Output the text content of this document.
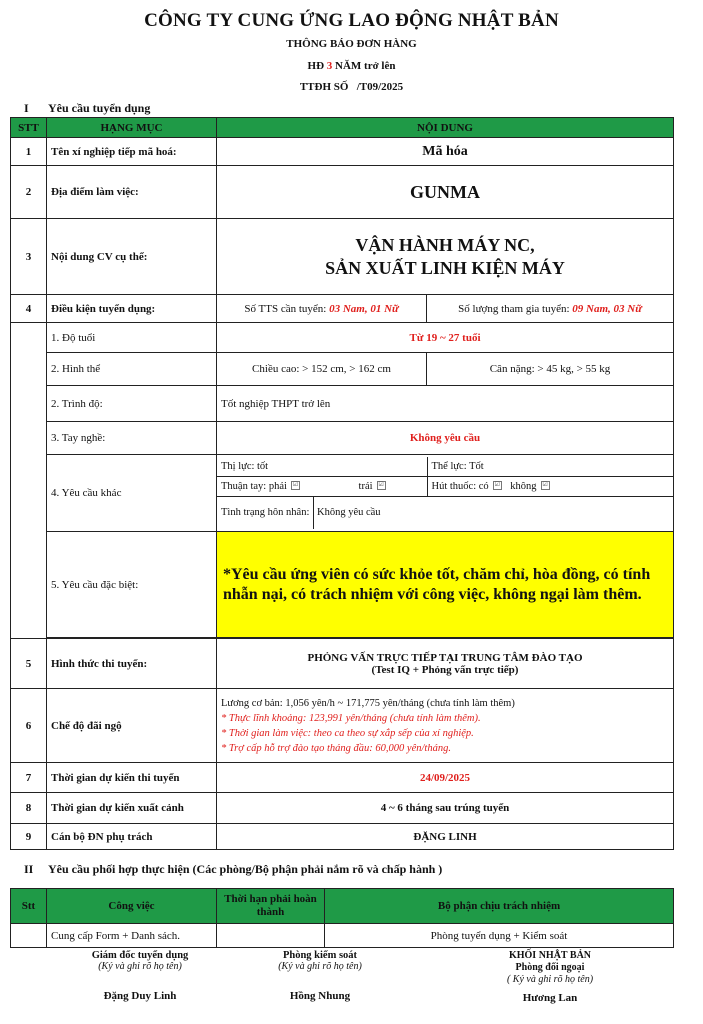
CÔNG TY CUNG ỨNG LAO ĐỘNG NHẬT BẢN
THÔNG BÁO ĐƠN HÀNG
HĐ 3 NĂM trở lên
TTĐH SỐ   /T09/2025
I Yêu cầu tuyển dụng
STT	HẠNG MỤC	NỘI DUNG
1	Tên xí nghiệp tiếp mã hoá:	Mã hóa
2	Địa điểm làm việc:	GUNMA
3	Nội dung CV cụ thể:	
VẬN HÀNH MÁY NC,
SẢN XUẤT LINH KIỆN MÁY

4	Điều kiện tuyển dụng:	Số TTS cần tuyển: 03 Nam, 01 Nữ	Số lượng tham gia tuyển: 09 Nam, 03 Nữ
	1. Độ tuổi	Từ 19 ~ 27 tuổi
2. Hình thể	Chiều cao: > 152 cm, > 162 cm	Cân nặng: > 45 kg, > 55 kg
2. Trình độ:	Tốt nghiệp THPT trở lên
3. Tay nghề:	Không yêu cầu
4. Yêu cầu khác	
Thị lực: tốt	Thể lực: Tốt
Thuận tay: phải ☑	trái ☑	Hút thuốc: có ☑ không ☑
Tình trạng hôn nhân: Không yêu cầu

5. Yêu cầu đặc biệt:	*Yêu cầu ứng viên có sức khỏe tốt, chăm chỉ, hòa đồng, có tính nhẫn nại, có trách nhiệm với công việc, không ngại làm thêm.

5	Hình thức thi tuyển:	PHỎNG VẤN TRỰC TIẾP TẠI TRUNG TÂM ĐÀO TẠO
(Test IQ + Phỏng vấn trực tiếp)

6	Chế độ đãi ngộ	
Lương cơ bản: 1,056 yên/h ~ 171,775 yên/tháng (chưa tính làm thêm)
* Thực lĩnh khoảng: 123,991 yên/tháng (chưa tính làm thêm).
* Thời gian làm việc: theo ca theo sự xắp sếp của xí nghiệp.
* Trợ cấp hỗ trợ đào tạo tháng đầu: 60,000 yên/tháng.

7	Thời gian dự kiến thi tuyển	24/09/2025
8	Thời gian dự kiến xuất cảnh	4 ~ 6 tháng sau trúng tuyển
9	Cán bộ ĐN phụ trách	ĐẶNG LINH
II Yêu cầu phối hợp thực hiện (Các phòng/Bộ phận phải nắm rõ và chấp hành )
Stt	Công việc	Thời hạn phải hoàn thành	Bộ phận chịu trách nhiệm
	Cung cấp Form + Danh sách.		Phòng tuyển dụng + Kiểm soát
Giám đốc tuyển dụng
(Ký và ghi rõ họ tên)
Đặng Duy Linh
Phòng kiểm soát
(Ký và ghi rõ họ tên)
Hồng Nhung
KHỐI NHẬT BẢN
Phòng đối ngoại
( Ký và ghi rõ họ tên)
Hương Lan
